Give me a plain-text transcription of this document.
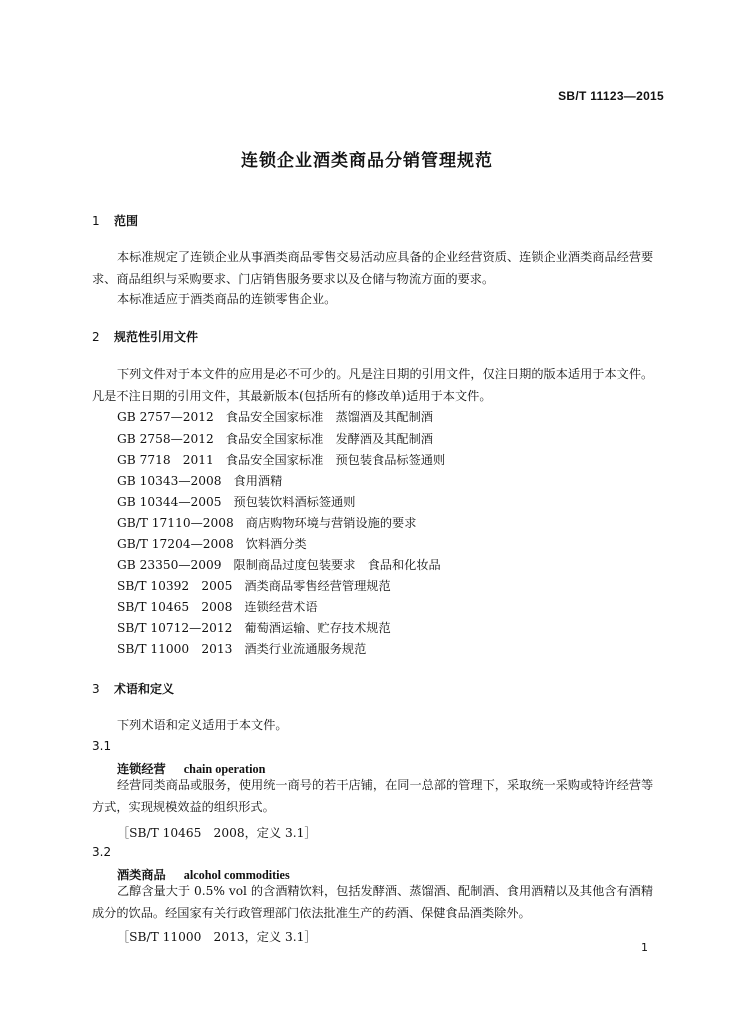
SB/T 11123—2015
连锁企业酒类商品分销管理规范
1 范围
本标准规定了连锁企业从事酒类商品零售交易活动应具备的企业经营资质、连锁企业酒类商品经营要求、商品组织与采购要求、门店销售服务要求以及仓储与物流方面的要求。
本标准适应于酒类商品的连锁零售企业。
2 规范性引用文件
下列文件对于本文件的应用是必不可少的。凡是注日期的引用文件，仅注日期的版本适用于本文件。凡是不注日期的引用文件，其最新版本(包括所有的修改单)适用于本文件。
GB 2757—2012 食品安全国家标准　蒸馏酒及其配制酒
GB 2758—2012 食品安全国家标准　发酵酒及其配制酒
GB 7718　2011 食品安全国家标准　预包装食品标签通则
GB 10343—2008 食用酒精
GB 10344—2005 预包装饮料酒标签通则
GB/T 17110—2008 商店购物环境与营销设施的要求
GB/T 17204—2008 饮料酒分类
GB 23350—2009 限制商品过度包装要求　食品和化妆品
SB/T 10392　2005 酒类商品零售经营管理规范
SB/T 10465　2008 连锁经营术语
SB/T 10712—2012 葡萄酒运输、贮存技术规范
SB/T 11000　2013 酒类行业流通服务规范
3 术语和定义
下列术语和定义适用于本文件。
3.1
连锁经营 chain operation
经营同类商品或服务，使用统一商号的若干店铺，在同一总部的管理下，采取统一采购或特许经营等方式，实现规模效益的组织形式。
［SB/T 10465　2008，定义 3.1］
3.2
酒类商品 alcohol commodities
乙醇含量大于 0.5% vol 的含酒精饮料，包括发酵酒、蒸馏酒、配制酒、食用酒精以及其他含有酒精成分的饮品。经国家有关行政管理部门依法批准生产的药酒、保健食品酒类除外。
［SB/T 11000　2013，定义 3.1］
1
